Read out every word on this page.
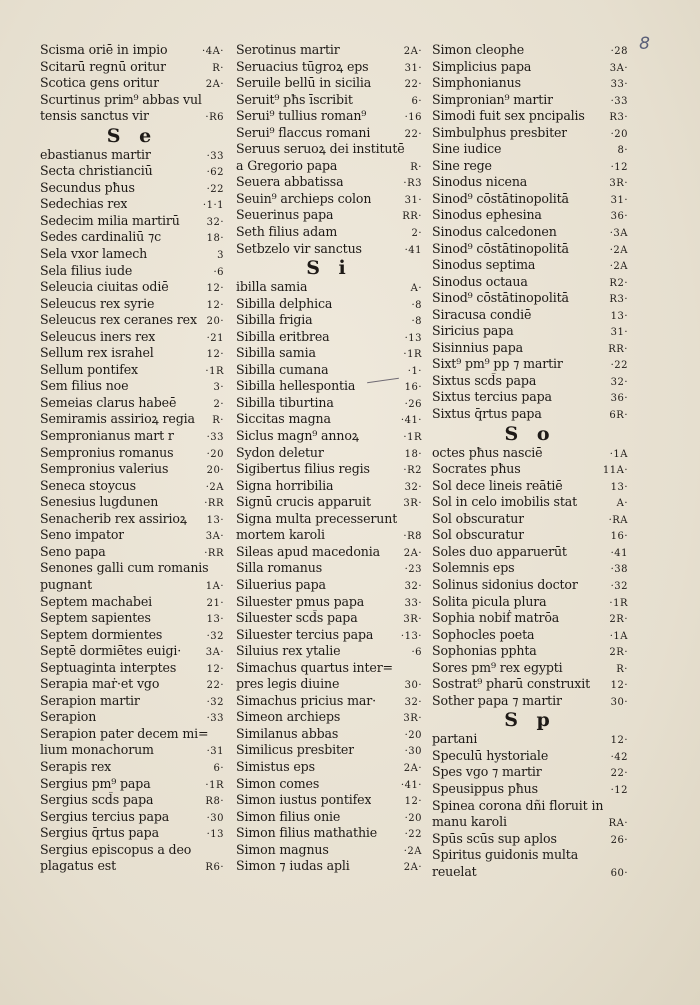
8
Scisma oriē in impio	·4A·
Scitarū regnū oritur	R·
Scotica gens oritur	2A·
Scurtinus prim⁹ abbas vul
tensis sanctus vir	·R6
S e
ebastianus martir	·33
Secta christianciū	·62
Secundus pħus	·22
Sedechias rex	·1·1
Sedecim milia martirū	32·
Sedes cardinaliū ⁊c	18·
Sela vxor lamech	3
Sela filius iude	·6
Seleucia ciuitas odiē	12·
Seleucus rex syrie	12·
Seleucus rex ceranes rex 20·
Seleucus iners rex	·21
Sellum rex israhel	12·
Sellum pontifex	·1R
Sem filius noe	3·
Semeias clarus habeē	2·
Semiramis assirioꝝ regia R·
Sempronianus mart r	·33
Sempronius romanus	·20
Sempronius valerius	20·
Seneca stoycus	·2A
Senesius lugdunen	·RR
Senacherib rex assirioꝝ 13·
Seno impator	3A·
Seno papa	·RR
Senones galli cum romanis
pugnant	1A·
Septem machabei	21·
Septem sapientes	13·
Septem dormientes	·32
Septē dormiētes euigi· 3A·
Septuaginta interptes	12·
Serapia maṙ·et vgo	22·
Serapion martir	·32
Serapion	·33
Serapion pater decem mi=
lium monachorum	·31
Serapis rex	6·
Sergius pm⁹ papa	·1R
Sergius scd̄s papa	R8·
Sergius tercius papa	·30
Sergius q̄rtus papa	·13
Sergius episcopus a deo
plagatus est	R6·
Serotinus martir	2A·
Seruacius tūgroꝝ eps	31·
Seruile bellū in sicilia	22·
Seruit⁹ pħs īscribit	6·
Serui⁹ tullius roman⁹	·16
Serui⁹ flaccus romani	22·
Seruus seruoꝝ dei institutē
a Gregorio papa	R·
Seuera abbatissa	·R3
Seuin⁹ archieps colon	31·
Seuerinus papa	RR·
Seth filius adam	2·
Setbzelo vir sanctus	·41
S i
ibilla samia	A·
Sibilla delphica	·8
Sibilla frigia	·8
Sibilla eritbrea	·13
Sibilla samia	·1R
Sibilla cumana	·1·
Sibilla hellespontia	16·
Sibilla tiburtina	·26
Siccitas magna	·41·
Siclus magn⁹ annoꝝ	·1R
Sydon deletur	18·
Sigibertus filius regis	·R2
Signa horribilia	32·
Signū crucis apparuit	3R·
Signa multa precesserunt
mortem karoli	·R8
Sileas apud macedonia 2A·
Silla romanus	·23
Siluerius papa	32·
Siluester pmus papa	33·
Siluester scd̄s papa	3R·
Siluester tercius papa	·13·
Siluius rex ytalie	·6
Simachus quartus inter=
pres legis diuine	30·
Simachus pricius mar·	32·
Simeon archieps	3R·
Similanus abbas	·20
Similicus presbiter	·30
Simistus eps	2A·
Simon comes	·41·
Simon iustus pontifex	12·
Simon filius onie	·20
Simon filius mathathie	·22
Simon magnus	·2A
Simon ⁊ iudas apli	2A·
Simon cleophe	·28
Simplicius papa	3A·
Simphonianus	33·
Simpronian⁹ martir	·33
Simodi fuit sex pncipalis R3·
Simbulphus presbiter	·20
Sine iudice	8·
Sine rege	·12
Sinodus nicena	3R·
Sinod⁹ cōstātinopolitā	31·
Sinodus ephesina	36·
Sinodus calcedonen	·3A
Sinod⁹ cōstātinopolitā	·2A
Sinodus septima	·2A
Sinodus octaua	R2·
Sinod⁹ cōstātinopolitā	R3·
Siracusa condiē	13·
Siricius papa	31·
Sisinnius papa	RR·
Sixt⁹ pm⁹ pp ⁊ martir	·22
Sixtus scd̄s papa	32·
Sixtus tercius papa	36·
Sixtus q̄rtus papa	6R·
S o
octes pħus nasciē	·1A
Socrates pħus	11A·
Sol dece lineis reātiē	13·
Sol in celo imobilis stat	A·
Sol obscuratur	·RA
Sol obscuratur	16·
Soles duo apparuerūt	·41
Solemnis eps	·38
Solinus sidonius doctor	·32
Solita picula plura	·1R
Sophia nobiḟ matrōa	2R·
Sophocles poeta	·1A
Sophonias pphta	2R·
Sores pm⁹ rex egypti	R·
Sostrat⁹ pharū construxit 12·
Sother papa ⁊ martir	30·
S p
partani	12·
Speculū hystoriale	·42
Spes vgo ⁊ martir	22·
Speusippus pħus	·12
Spinea corona dñi floruit in
manu karoli	RA·
Spūs scūs sup aplos	26·
Spiritus guidonis multa
reuelat	60·
